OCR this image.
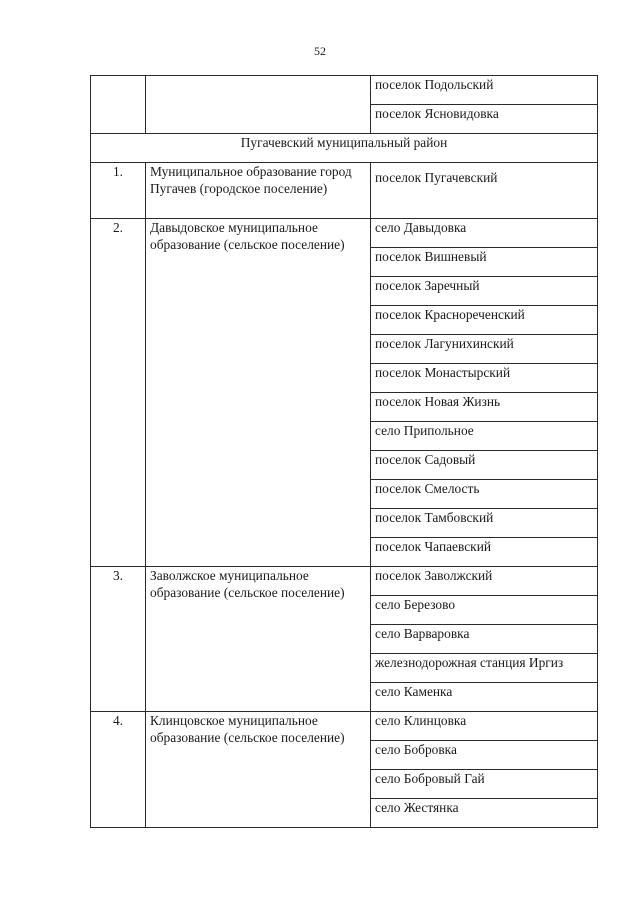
52
		поселок Подольский
		поселок Ясновидовка
Пугачевский муниципальный район		
1.	Муниципальное образование город Пугачев (городское поселение)	поселок Пугачевский
2.	Давыдовское муниципальное образование (сельское поселение)	село Давыдовка
		поселок Вишневый
		поселок Заречный
		поселок Краснореченский
		поселок Лагунихинский
		поселок Монастырский
		поселок Новая Жизнь
		село Припольное
		поселок Садовый
		поселок Смелость
		поселок Тамбовский
		поселок Чапаевский
3.	Заволжское муниципальное образование (сельское поселение)	поселок Заволжский
		село Березово
		село Варваровка
		железнодорожная станция Иргиз
		село Каменка
4.	Клинцовское муниципальное образование (сельское поселение)	село Клинцовка
		село Бобровка
		село Бобровый Гай
		село Жестянка
